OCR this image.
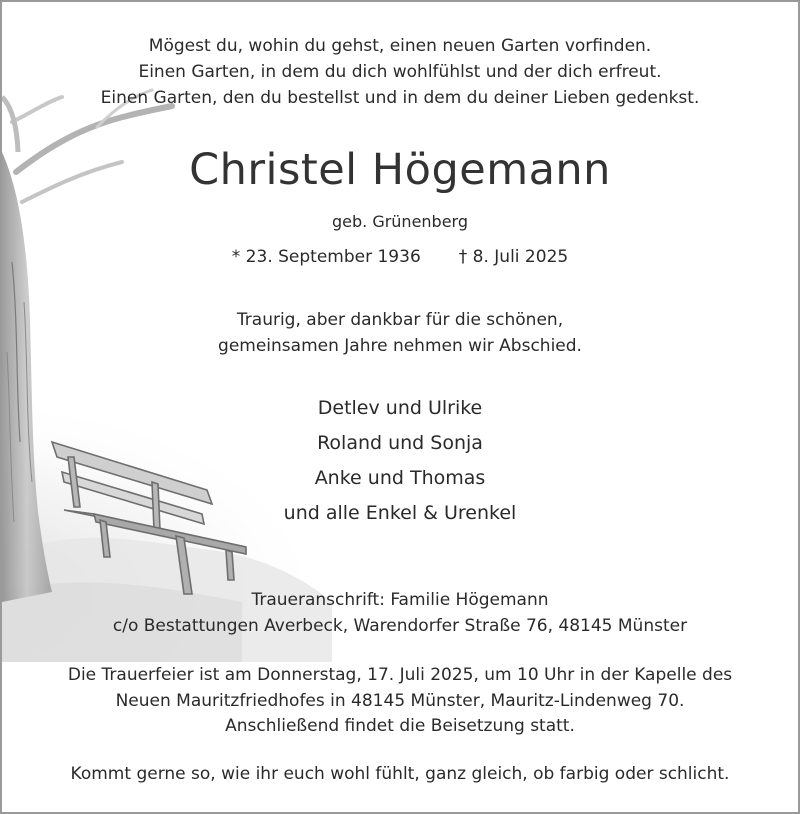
Mögest du, wohin du gehst, einen neuen Garten vorfinden.
Einen Garten, in dem du dich wohlfühlst und der dich erfreut.
Einen Garten, den du bestellst und in dem du deiner Lieben gedenkst.
Christel Högemann
geb. Grünenberg
* 23. September 1936 † 8. Juli 2025
Traurig, aber dankbar für die schönen,
gemeinsamen Jahre nehmen wir Abschied.
Detlev und Ulrike
Roland und Sonja
Anke und Thomas
und alle Enkel & Urenkel
Traueranschrift: Familie Högemann
c/o Bestattungen Averbeck, Warendorfer Straße 76, 48145 Münster
Die Trauerfeier ist am Donnerstag, 17. Juli 2025, um 10 Uhr in der Kapelle des
Neuen Mauritzfriedhofes in 48145 Münster, Mauritz-Lindenweg 70.
Anschließend findet die Beisetzung statt.
Kommt gerne so, wie ihr euch wohl fühlt, ganz gleich, ob farbig oder schlicht.
